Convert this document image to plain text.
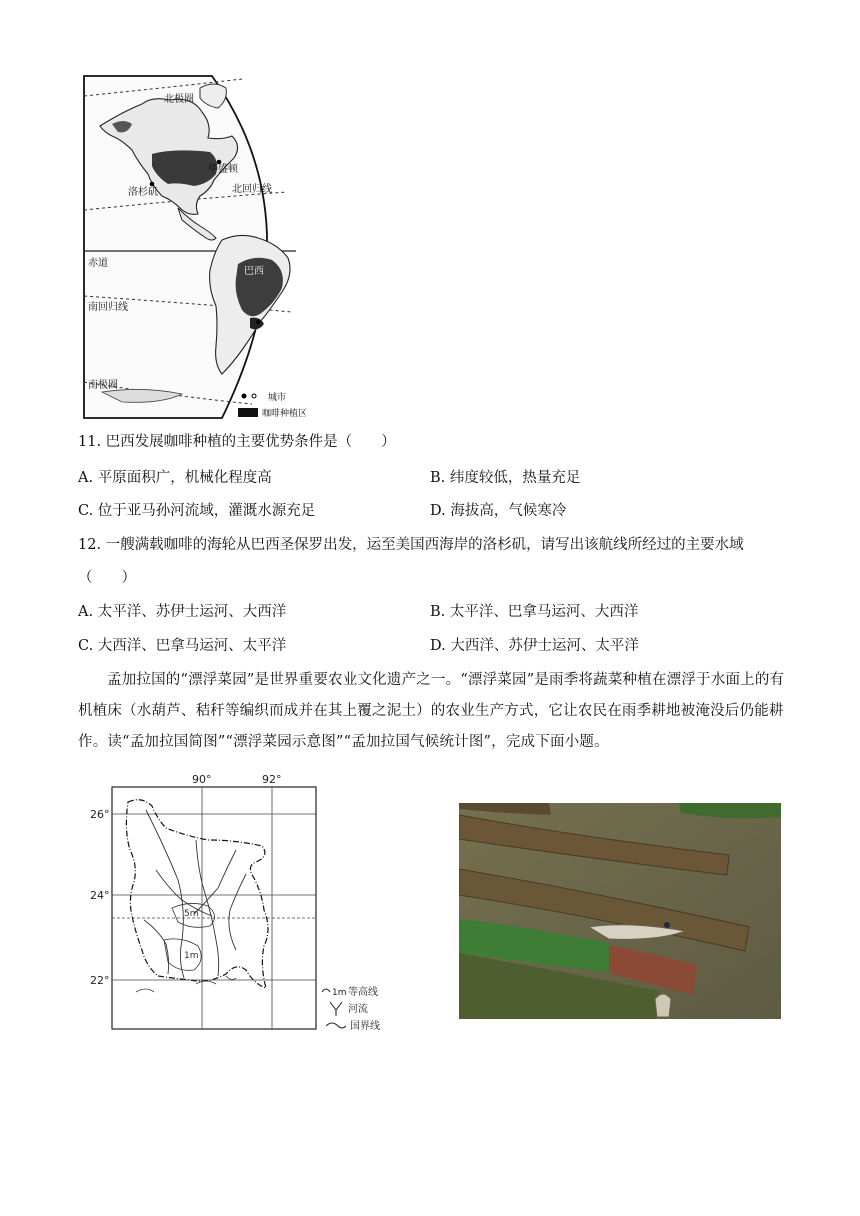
北极圈
华盛顿
洛杉矶	北回归线
赤道
巴西
南回归线
南极圈
城市
咖啡种植区
11. 巴西发展咖啡种植的主要优势条件是（　　）
A. 平原面积广，机械化程度高	B. 纬度较低，热量充足
C. 位于亚马孙河流域，灌溉水源充足	D. 海拔高，气候寒冷
12. 一艘满载咖啡的海轮从巴西圣保罗出发，运至美国西海岸的洛杉矶，请写出该航线所经过的主要水域
（　　）
A. 太平洋、苏伊士运河、大西洋	B. 太平洋、巴拿马运河、大西洋
C. 大西洋、巴拿马运河、太平洋	D. 大西洋、苏伊士运河、太平洋
孟加拉国的“漂浮菜园”是世界重要农业文化遗产之一。“漂浮菜园”是雨季将蔬菜种植在漂浮于水面上的有机植床（水葫芦、秸秆等编织而成并在其上覆之泥土）的农业生产方式，它让农民在雨季耕地被淹没后仍能耕作。读“孟加拉国简图”“漂浮菜园示意图”“孟加拉国气候统计图”，完成下面小题。
90°	92°
26°
24°
22°
5m
1m
1m 等高线
河流
国界线
